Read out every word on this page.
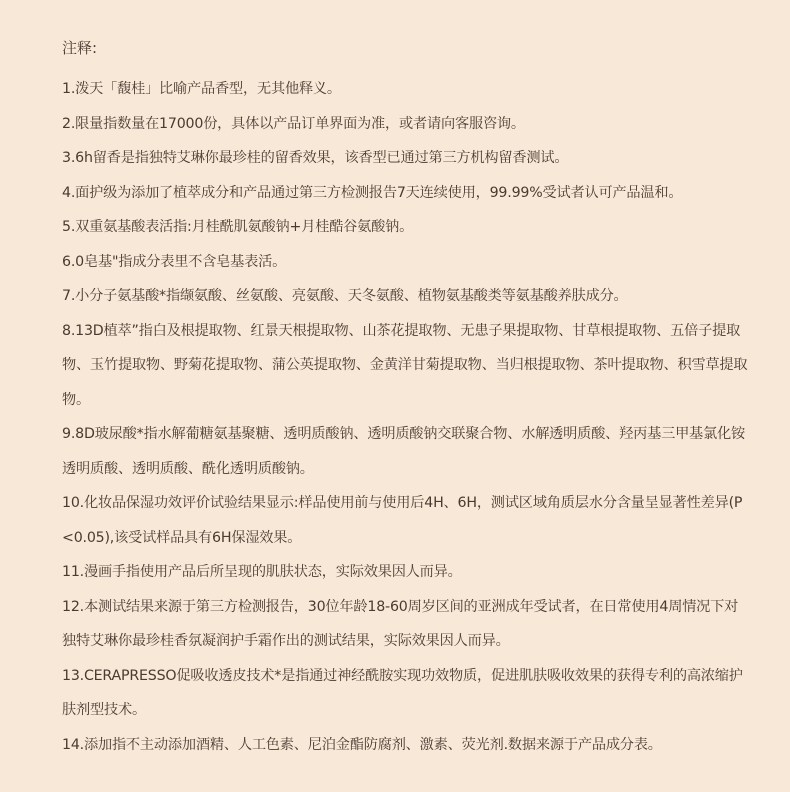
注释:
1.泼天「馥桂」比喻产品香型，无其他释义。
2.限量指数量在17000份，具体以产品订单界面为准，或者请向客服咨询。
3.6h留香是指独特艾琳你最珍桂的留香效果，该香型已通过第三方机构留香测试。
4.面护级为添加了植萃成分和产品通过第三方检测报告7天连续使用，99.99%受试者认可产品温和。
5.双重氨基酸表活指:月桂酰肌氨酸钠+月桂酷谷氨酸钠。
6.0皂基"指成分表里不含皂基表活。
7.小分子氨基酸*指缬氨酸、丝氨酸、亮氨酸、天冬氨酸、植物氨基酸类等氨基酸养肤成分。
8.13D植萃”指白及根提取物、红景天根提取物、山茶花提取物、无患子果提取物、甘草根提取物、五倍子提取物、玉竹提取物、野菊花提取物、蒲公英提取物、金黄洋甘菊提取物、当归根提取物、茶叶提取物、积雪草提取物。
9.8D玻尿酸*指水解葡糖氨基聚糖、透明质酸钠、透明质酸钠交联聚合物、水解透明质酸、羟丙基三甲基氯化铵透明质酸、透明质酸、酰化透明质酸钠。
10.化妆品保湿功效评价试验结果显示:样品使用前与使用后4H、6H，测试区域角质层水分含量呈显著性差异(P<0.05),该受试样品具有6H保湿效果。
11.漫画手指使用产品后所呈现的肌肤状态，实际效果因人而异。
12.本测试结果来源于第三方检测报告，30位年龄18-60周岁区间的亚洲成年受试者，在日常使用4周情况下对独特艾琳你最珍桂香氛凝润护手霜作出的测试结果，实际效果因人而异。
13.CERAPRESSO促吸收透皮技术*是指通过神经酰胺实现功效物质，促进肌肤吸收效果的获得专利的高浓缩护肤剂型技术。
14.添加指不主动添加酒精、人工色素、尼泊金酯防腐剂、激素、荧光剂.数据来源于产品成分表。
